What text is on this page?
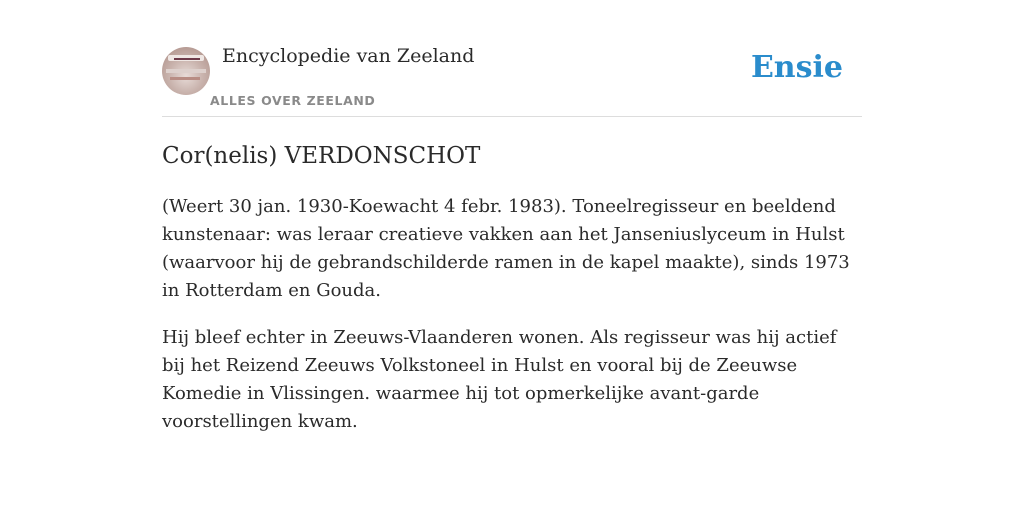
Encyclopedie van Zeeland
ALLES OVER ZEELAND
Ensie
Cor(nelis) VERDONSCHOT

(Weert 30 jan. 1930-Koewacht 4 febr. 1983). Toneelregisseur en beeldend kunstenaar: was leraar creatieve vakken aan het Janseniuslyceum in Hulst (waarvoor hij de gebrandschilderde ramen in de kapel maakte), sinds 1973 in Rotterdam en Gouda.

Hij bleef echter in Zeeuws-Vlaanderen wonen. Als regisseur was hij actief bij het Reizend Zeeuws Volkstoneel in Hulst en vooral bij de Zeeuwse Komedie in Vlissingen. waarmee hij tot opmerkelijke avant-garde voorstellingen kwam.
